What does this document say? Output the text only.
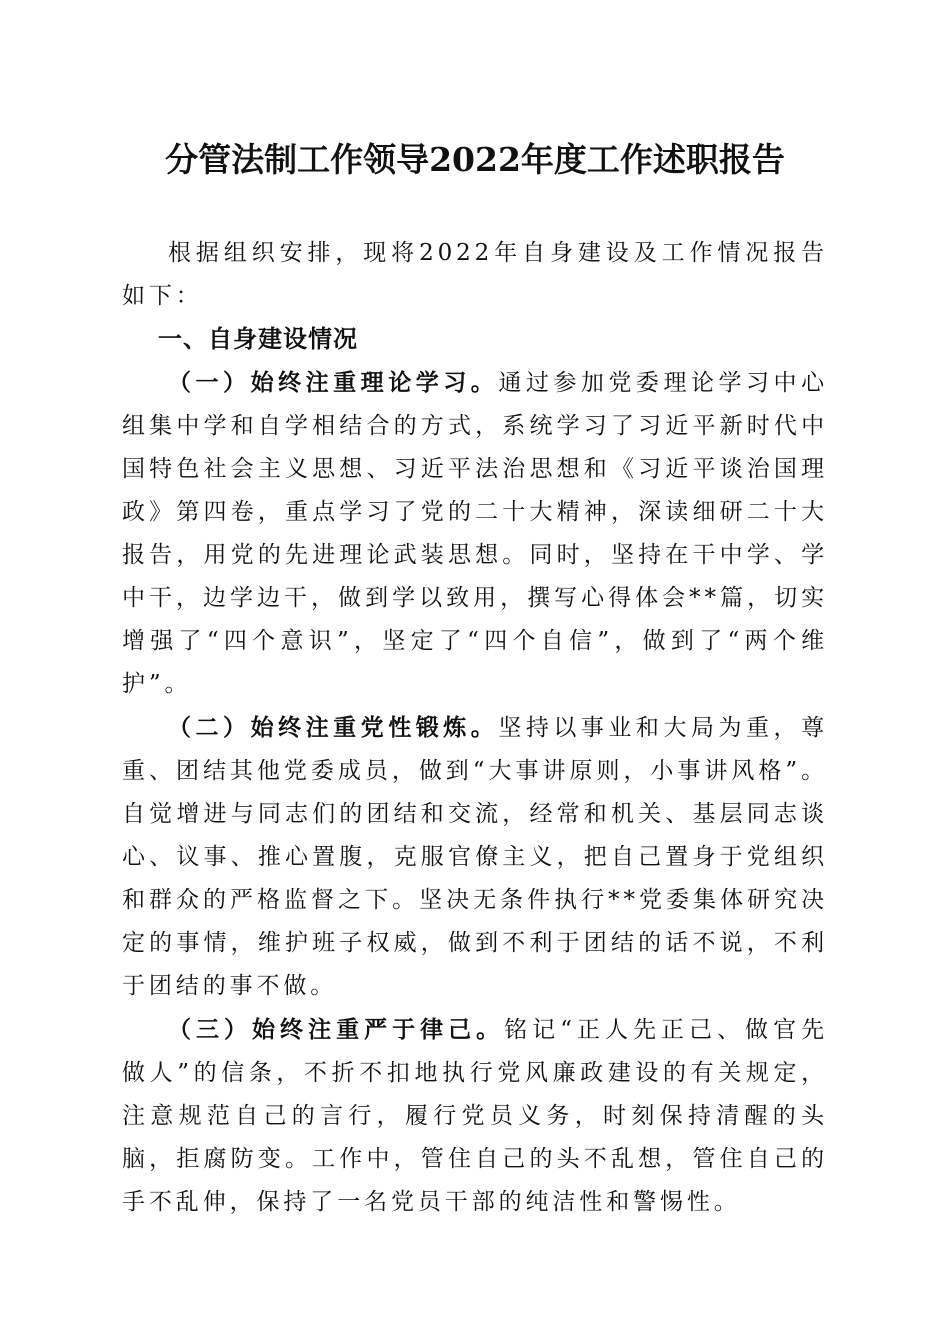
分管法制工作领导2022年度工作述职报告

根据组织安排，现将2022年自身建设及工作情况报告如下：

一、自身建设情况

（一）始终注重理论学习。通过参加党委理论学习中心组集中学和自学相结合的方式，系统学习了习近平新时代中国特色社会主义思想、习近平法治思想和《习近平谈治国理政》第四卷，重点学习了党的二十大精神，深读细研二十大报告，用党的先进理论武装思想。同时，坚持在干中学、学中干，边学边干，做到学以致用，撰写心得体会**篇，切实增强了“四个意识”，坚定了“四个自信”，做到了“两个维护”。

（二）始终注重党性锻炼。坚持以事业和大局为重，尊重、团结其他党委成员，做到“大事讲原则，小事讲风格”。自觉增进与同志们的团结和交流，经常和机关、基层同志谈心、议事、推心置腹，克服官僚主义，把自己置身于党组织和群众的严格监督之下。坚决无条件执行**党委集体研究决定的事情，维护班子权威，做到不利于团结的话不说，不利于团结的事不做。

（三）始终注重严于律己。铭记“正人先正己、做官先做人”的信条，不折不扣地执行党风廉政建设的有关规定，注意规范自己的言行，履行党员义务，时刻保持清醒的头脑，拒腐防变。工作中，管住自己的头不乱想，管住自己的手不乱伸，保持了一名党员干部的纯洁性和警惕性。
